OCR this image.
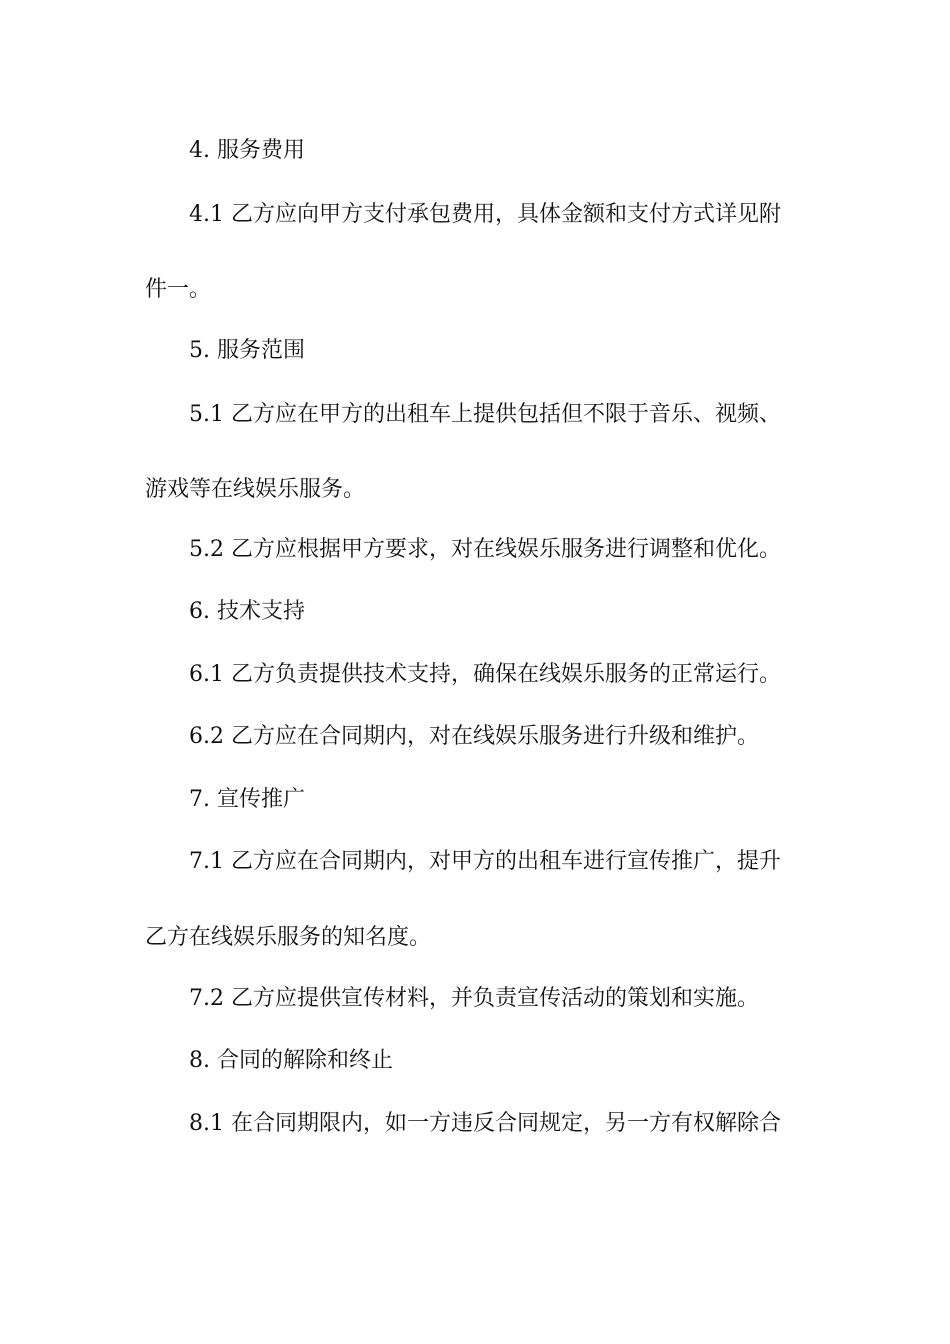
4. 服务费用
4.1 乙方应向甲方支付承包费用，具体金额和支付方式详见附
件一。
5. 服务范围
5.1 乙方应在甲方的出租车上提供包括但不限于音乐、视频、
游戏等在线娱乐服务。
5.2 乙方应根据甲方要求，对在线娱乐服务进行调整和优化。
6. 技术支持
6.1 乙方负责提供技术支持，确保在线娱乐服务的正常运行。
6.2 乙方应在合同期内，对在线娱乐服务进行升级和维护。
7. 宣传推广
7.1 乙方应在合同期内，对甲方的出租车进行宣传推广，提升
乙方在线娱乐服务的知名度。
7.2 乙方应提供宣传材料，并负责宣传活动的策划和实施。
8. 合同的解除和终止
8.1 在合同期限内，如一方违反合同规定，另一方有权解除合
